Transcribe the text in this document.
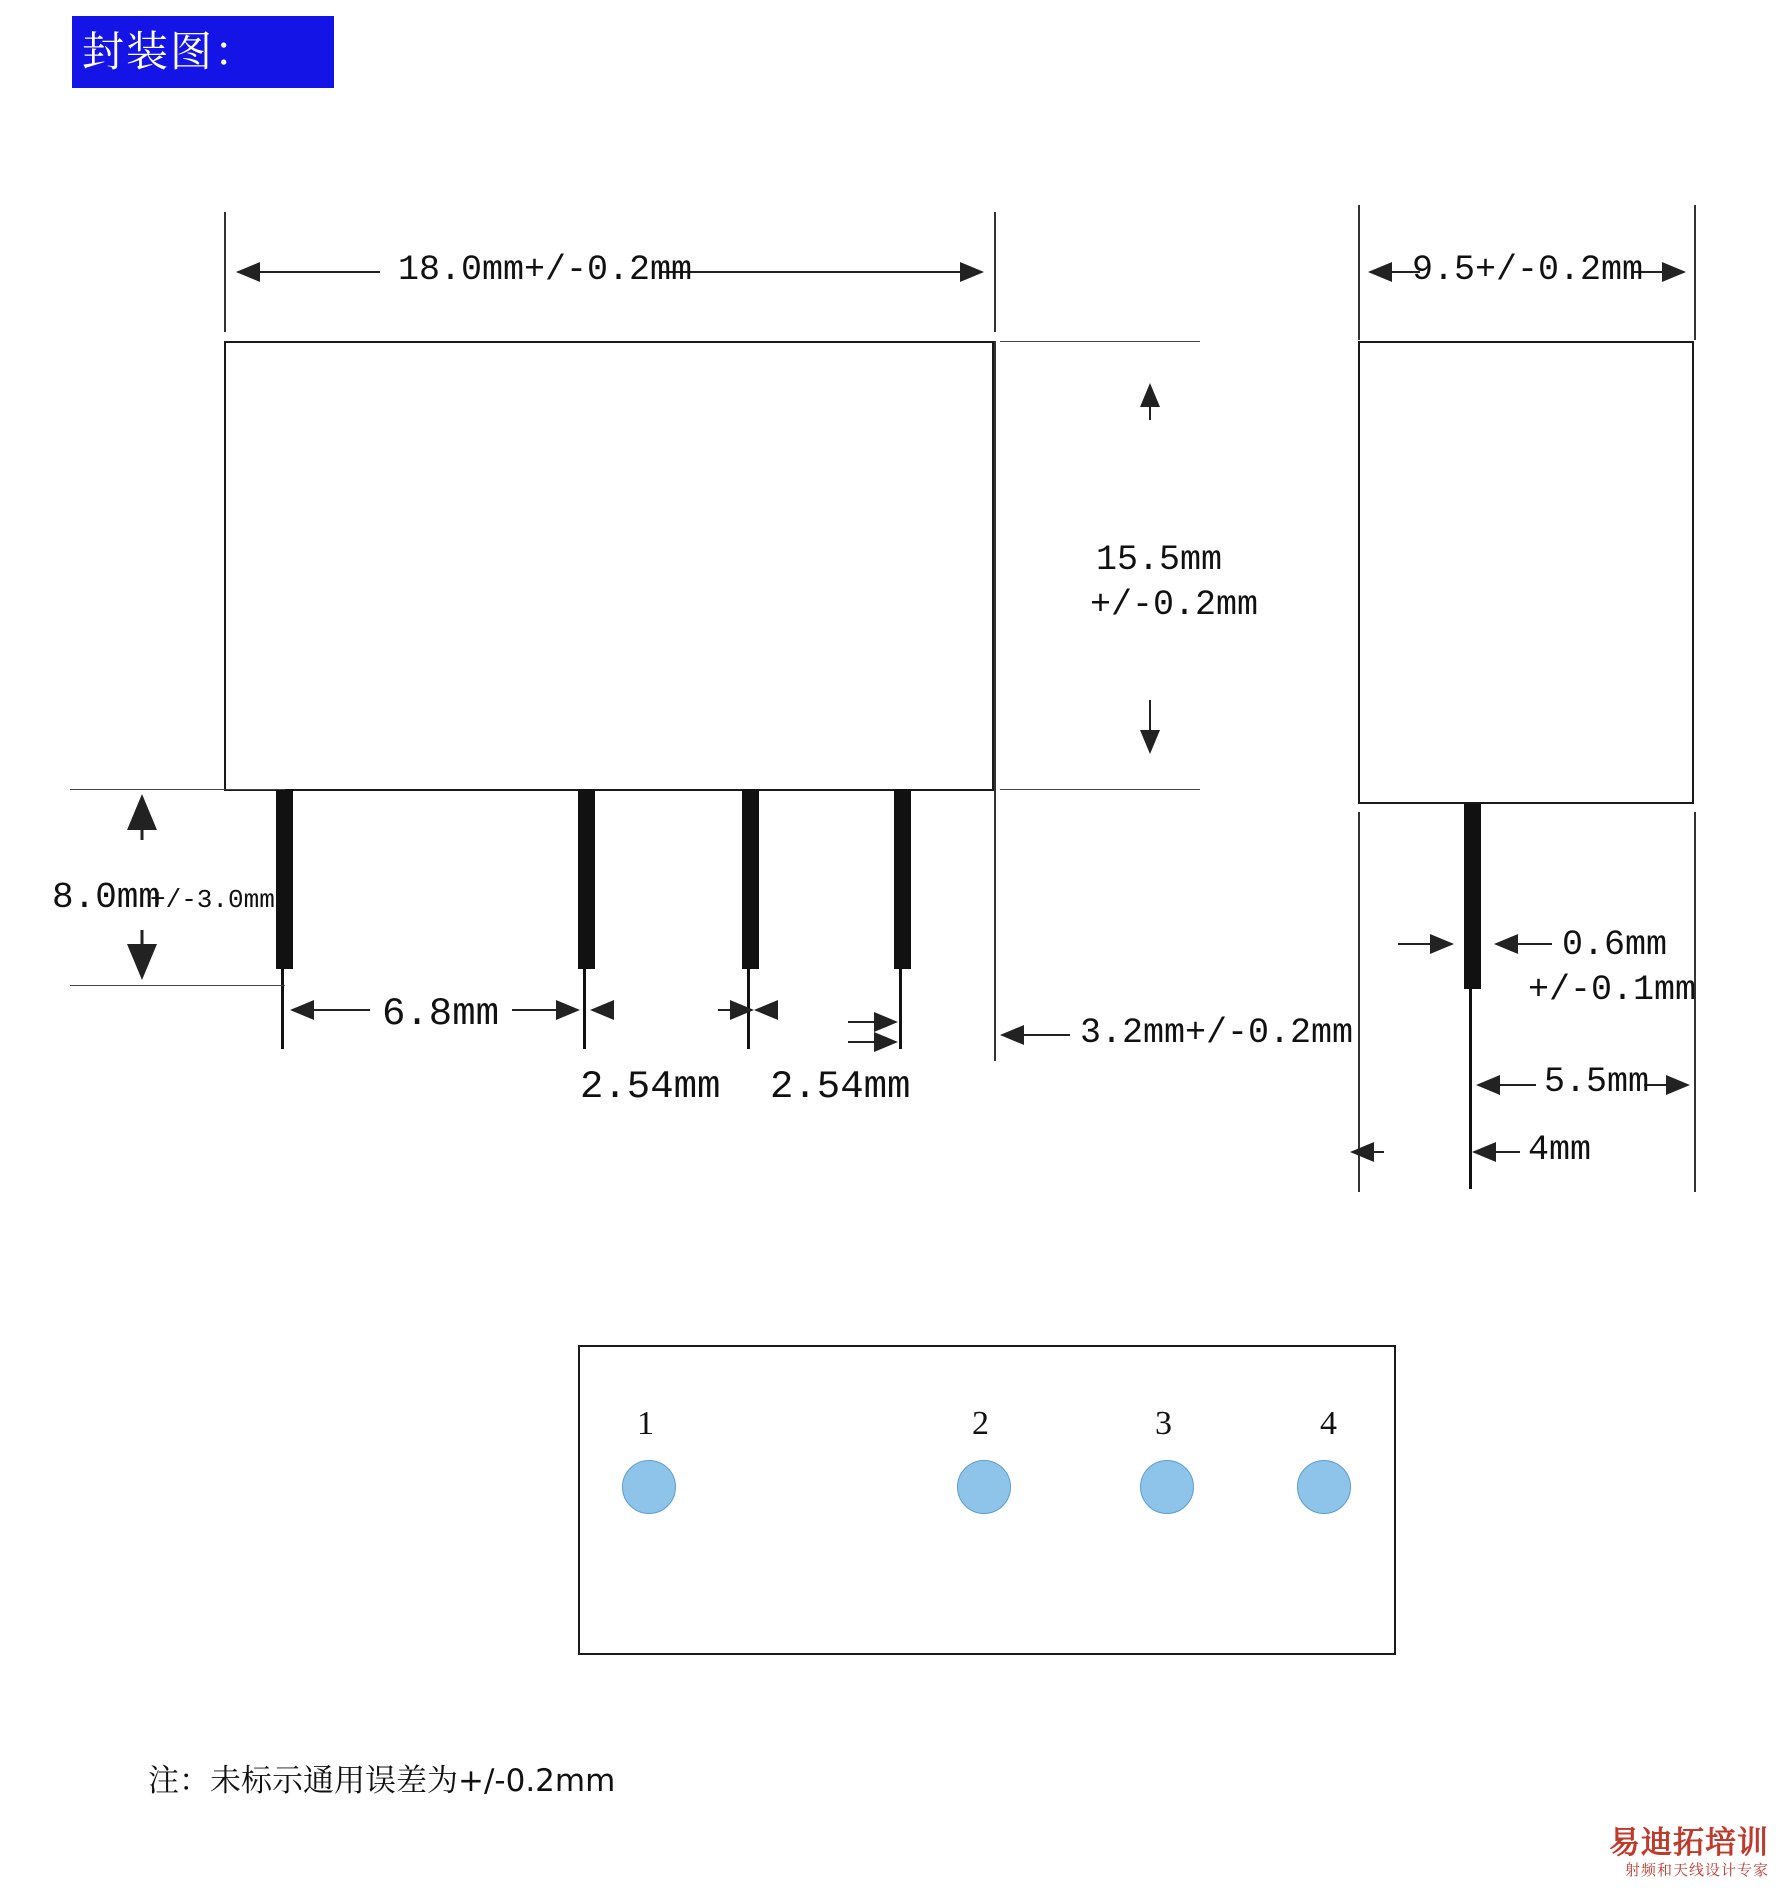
封装图：
18.0mm+/-0.2mm	9.5+/-0.2mm
15.5mm
+/-0.2mm
8.0mm
+/-3.0mm
6.8mm
2.54mm 2.54mm
3.2mm+/-0.2mm
0.6mm
+/-0.1mm
5.5mm
4mm
1	2	3	4
注：未标示通用误差为+/-0.2mm
易迪拓培训
射频和天线设计专家
